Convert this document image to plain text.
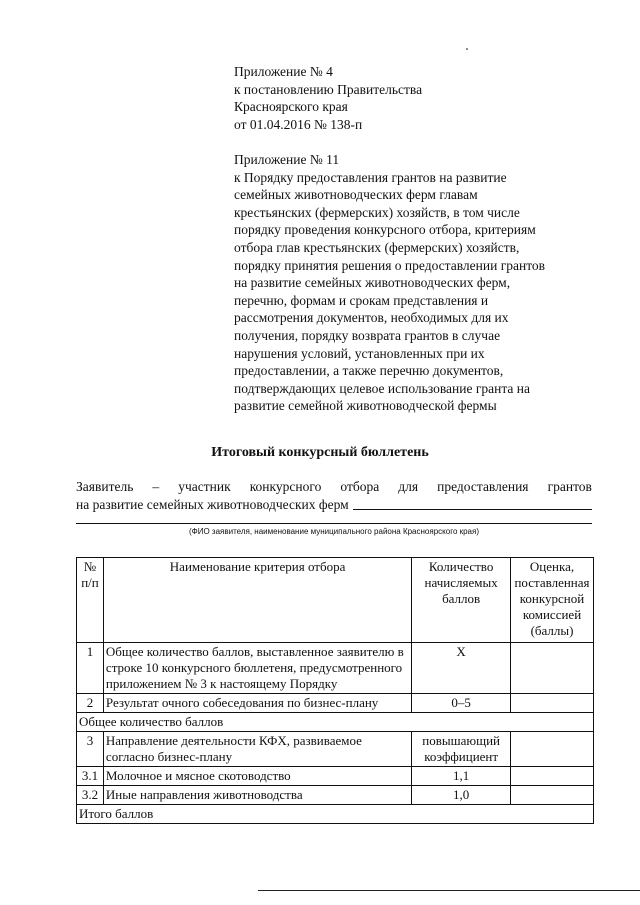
Приложение № 4

к постановлению Правительства

Красноярского края

от 01.04.2016 № 138-п

Приложение № 11

к Порядку предоставления грантов на развитие

семейных животноводческих ферм главам

крестьянских (фермерских) хозяйств, в том числе

порядку проведения конкурсного отбора, критериям

отбора глав крестьянских (фермерских) хозяйств,

порядку принятия решения о предоставлении грантов

на развитие семейных животноводческих ферм,

перечню, формам и срокам представления и

рассмотрения документов, необходимых для их

получения, порядку возврата грантов в случае

нарушения условий, установленных при их

предоставлении, а также перечню документов,

подтверждающих целевое использование гранта на

развитие семейной животноводческой фермы

Итоговый конкурсный бюллетень
Заявитель – участник конкурсного отбора для предоставления грантов
на развитие семейных животноводческих ферм
(ФИО заявителя, наименование муниципального района Красноярского края)
№ п/п	Наименование критерия отбора	Количество начисляемых баллов	Оценка, поставленная конкурсной комиссией (баллы)
1	Общее количество баллов, выставленное заявителю в строке 10 конкурсного бюллетеня, предусмотренного приложением № 3 к настоящему Порядку	Х	
2	Результат очного собеседования по бизнес-плану	0–5	
Общее количество баллов			
3	Направление деятельности КФХ, развиваемое согласно бизнес-плану	повышающий коэффициент	
3.1	Молочное и мясное скотоводство	1,1	
3.2	Иные направления животноводства	1,0	
Итого баллов			
